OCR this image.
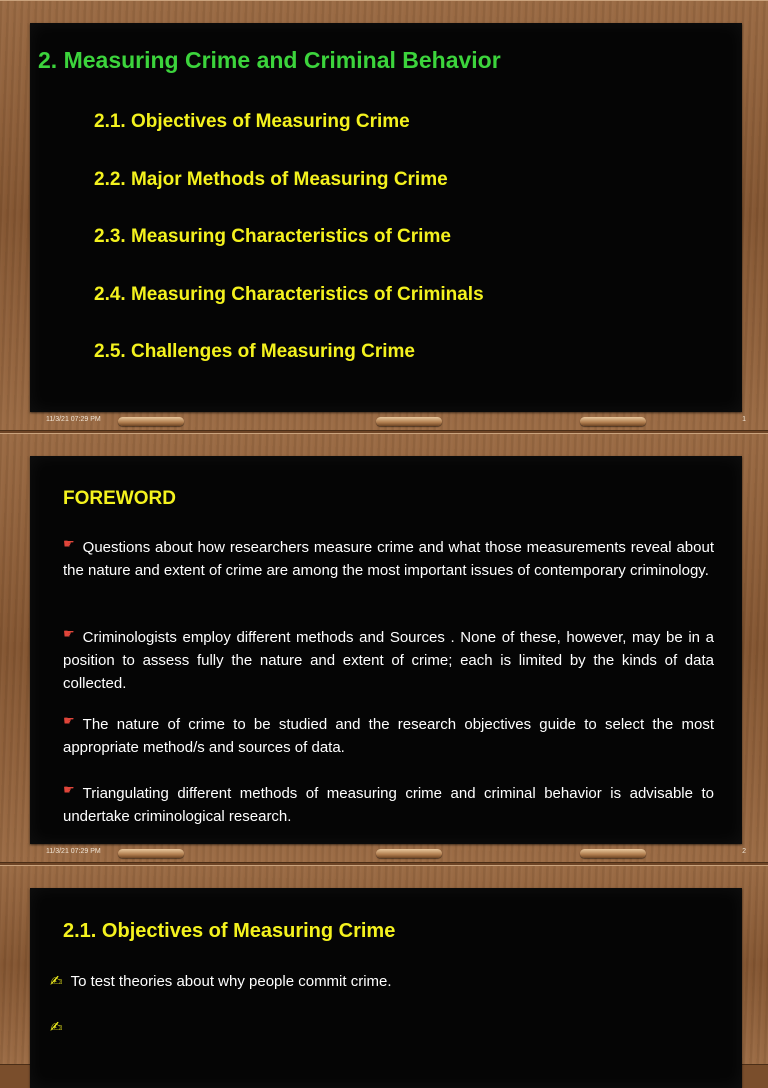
2. Measuring Crime and Criminal Behavior
2.1. Objectives of Measuring Crime
2.2. Major Methods of Measuring Crime
2.3. Measuring Characteristics of Crime
2.4. Measuring Characteristics of Criminals
2.5. Challenges of Measuring Crime
11/3/21 07:29 PM	1
FOREWORD

☛ Questions about how researchers measure crime and what those measurements reveal about the nature and extent of crime are among the most important issues of contemporary criminology.

☛ Criminologists employ different methods and Sources . None of these, however, may be in a position to assess fully the nature and extent of crime; each is limited by the kinds of data collected.

☛ The nature of crime to be studied and the research objectives guide to select the most appropriate method/s and sources of data.

☛ Triangulating different methods of measuring crime and criminal behavior is advisable to undertake criminological research.

11/3/21 07:29 PM	2
2.1. Objectives of Measuring Crime

✍ To test theories about why people commit crime.

✍
